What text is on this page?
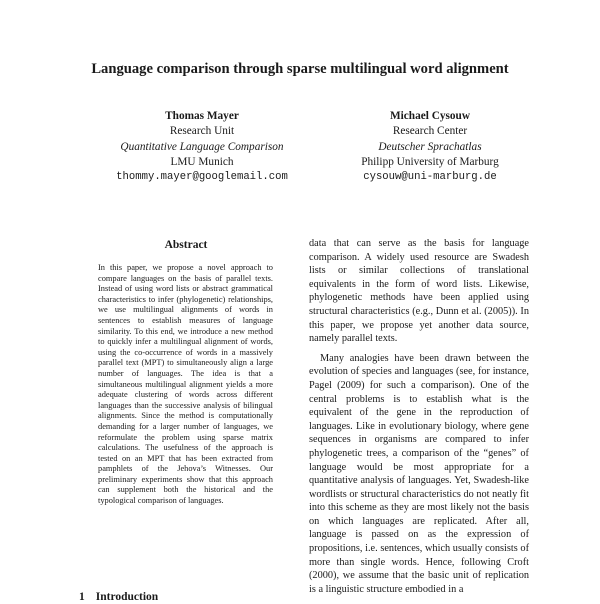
Language comparison through sparse multilingual word alignment
Thomas Mayer
Research Unit
Quantitative Language Comparison
LMU Munich
thommy.mayer@googlemail.com
Michael Cysouw
Research Center
Deutscher Sprachatlas
Philipp University of Marburg
cysouw@uni-marburg.de
Abstract

In this paper, we propose a novel approach to compare languages on the basis of parallel texts. Instead of using word lists or abstract grammatical characteristics to infer (phylogenetic) relationships, we use multilingual alignments of words in sentences to establish measures of language similarity. To this end, we introduce a new method to quickly infer a multilingual alignment of words, using the co-occurrence of words in a massively parallel text (MPT) to simultaneously align a large number of languages. The idea is that a simultaneous multilingual alignment yields a more adequate clustering of words across different languages than the successive analysis of bilingual alignments. Since the method is computationally demanding for a larger number of languages, we reformulate the problem using sparse matrix calculations. The usefulness of the approach is tested on an MPT that has been extracted from pamphlets of the Jehova’s Witnesses. Our preliminary experiments show that this approach can supplement both the historical and the typological comparison of languages.

data that can serve as the basis for language comparison. A widely used resource are Swadesh lists or similar collections of translational equivalents in the form of word lists. Likewise, phylogenetic methods have been applied using structural characteristics (e.g., Dunn et al. (2005)). In this paper, we propose yet another data source, namely parallel texts.

Many analogies have been drawn between the evolution of species and languages (see, for instance, Pagel (2009) for such a comparison). One of the central problems is to establish what is the equivalent of the gene in the reproduction of languages. Like in evolutionary biology, where gene sequences in organisms are compared to infer phylogenetic trees, a comparison of the “genes” of language would be most appropriate for a quantitative analysis of languages. Yet, Swadesh-like wordlists or structural characteristics do not neatly fit into this scheme as they are most likely not the basis on which languages are replicated. After all, language is passed on as the expression of propositions, i.e. sentences, which usually consists of more than single words. Hence, following Croft (2000), we assume that the basic unit of replication is a linguistic structure embodied in a

1 Introduction
